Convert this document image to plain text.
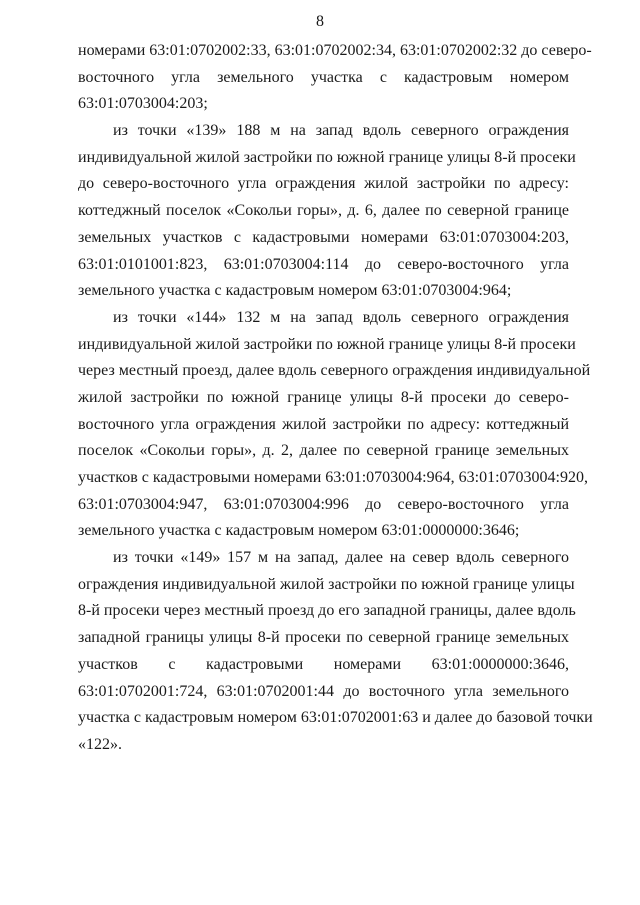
8
номерами 63:01:0702002:33, 63:01:0702002:34, 63:01:0702002:32 до северо-
восточного угла земельного участка с кадастровым номером
63:01:0703004:203;
из точки «139» 188 м на запад вдоль северного ограждения
индивидуальной жилой застройки по южной границе улицы 8-й просеки
до северо-восточного угла ограждения жилой застройки по адресу:
коттеджный поселок «Сокольи горы», д. 6, далее по северной границе
земельных участков с кадастровыми номерами 63:01:0703004:203,
63:01:0101001:823, 63:01:0703004:114 до северо-восточного угла
земельного участка с кадастровым номером 63:01:0703004:964;
из точки «144» 132 м на запад вдоль северного ограждения
индивидуальной жилой застройки по южной границе улицы 8-й просеки
через местный проезд, далее вдоль северного ограждения индивидуальной
жилой застройки по южной границе улицы 8-й просеки до северо-
восточного угла ограждения жилой застройки по адресу: коттеджный
поселок «Сокольи горы», д. 2, далее по северной границе земельных
участков с кадастровыми номерами 63:01:0703004:964, 63:01:0703004:920,
63:01:0703004:947, 63:01:0703004:996 до северо-восточного угла
земельного участка с кадастровым номером 63:01:0000000:3646;
из точки «149» 157 м на запад, далее на север вдоль северного
ограждения индивидуальной жилой застройки по южной границе улицы
8-й просеки через местный проезд до его западной границы, далее вдоль
западной границы улицы 8-й просеки по северной границе земельных
участков с кадастровыми номерами 63:01:0000000:3646,
63:01:0702001:724, 63:01:0702001:44 до восточного угла земельного
участка с кадастровым номером 63:01:0702001:63 и далее до базовой точки
«122».
